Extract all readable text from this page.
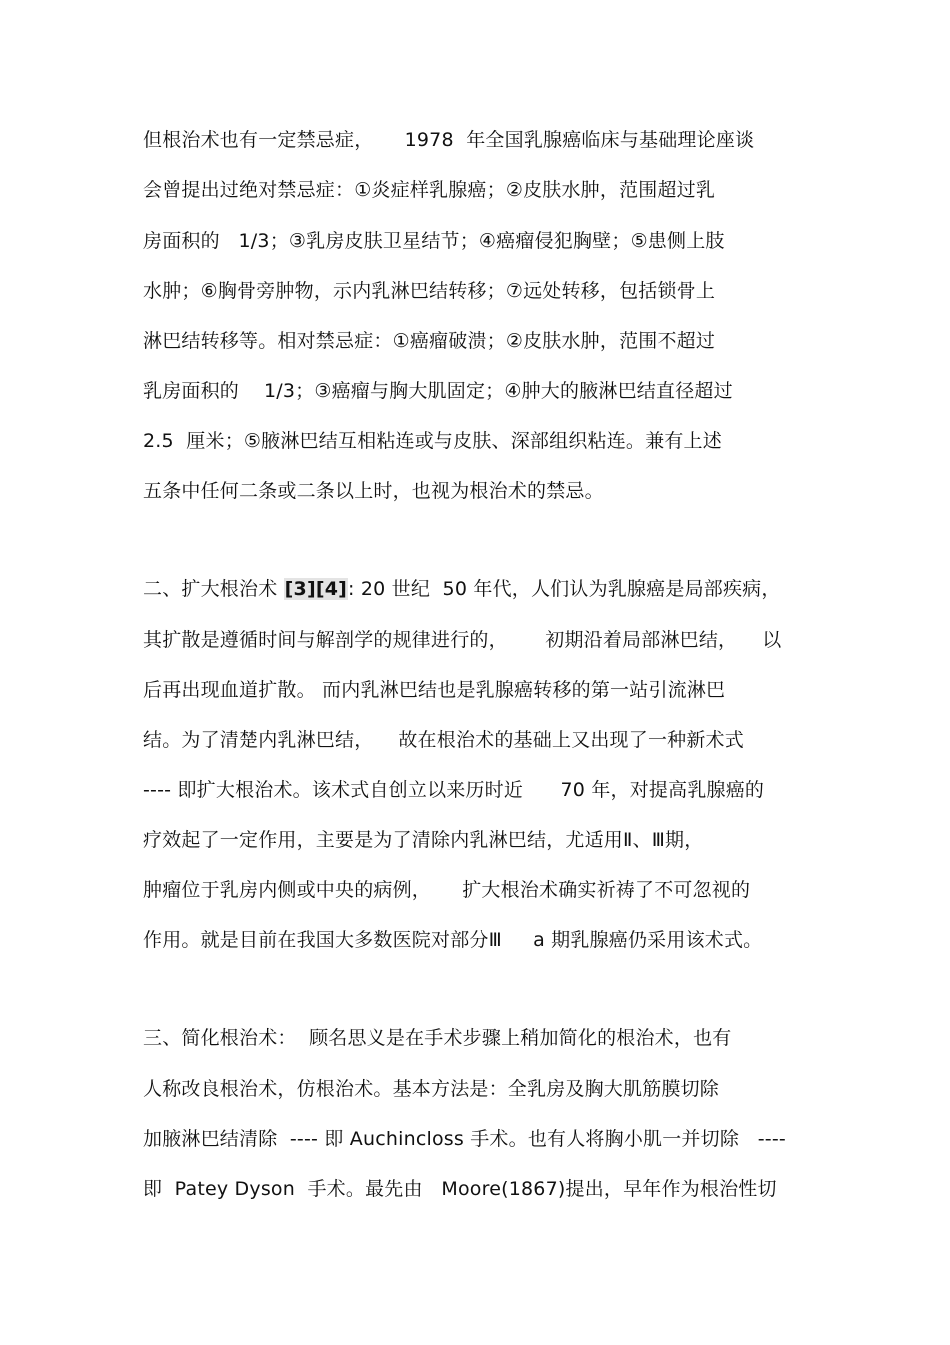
但根治术也有一定禁忌症，     1978  年全国乳腺癌临床与基础理论座谈
会曾提出过绝对禁忌症：①炎症样乳腺癌；②皮肤水肿，范围超过乳
房面积的   1/3；③乳房皮肤卫星结节；④癌瘤侵犯胸壁；⑤患侧上肢
水肿；⑥胸骨旁肿物，示内乳淋巴结转移；⑦远处转移，包括锁骨上
淋巴结转移等。相对禁忌症：①癌瘤破溃；②皮肤水肿，范围不超过
乳房面积的    1/3；③癌瘤与胸大肌固定；④肿大的腋淋巴结直径超过
2.5  厘米；⑤腋淋巴结互相粘连或与皮肤、深部组织粘连。兼有上述
五条中任何二条或二条以上时，也视为根治术的禁忌。
二、扩大根治术 [3][4]: 20 世纪  50 年代，人们认为乳腺癌是局部疾病，
其扩散是遵循时间与解剖学的规律进行的，      初期沿着局部淋巴结，    以
后再出现血道扩散。 而内乳淋巴结也是乳腺癌转移的第一站引流淋巴
结。为了清楚内乳淋巴结，    故在根治术的基础上又出现了一种新术式
---- 即扩大根治术。该术式自创立以来历时近      70 年，对提高乳腺癌的
疗效起了一定作用，主要是为了清除内乳淋巴结，尤适用Ⅱ、Ⅲ期，
肿瘤位于乳房内侧或中央的病例，     扩大根治术确实祈祷了不可忽视的
作用。就是目前在我国大多数医院对部分Ⅲ     a 期乳腺癌仍采用该术式。
三、简化根治术：  顾名思义是在手术步骤上稍加简化的根治术，也有
人称改良根治术，仿根治术。基本方法是：全乳房及胸大肌筋膜切除
加腋淋巴结清除  ---- 即 Auchincloss 手术。也有人将胸小肌一并切除   ----
即  Patey Dyson  手术。最先由   Moore(1867)提出，早年作为根治性切
